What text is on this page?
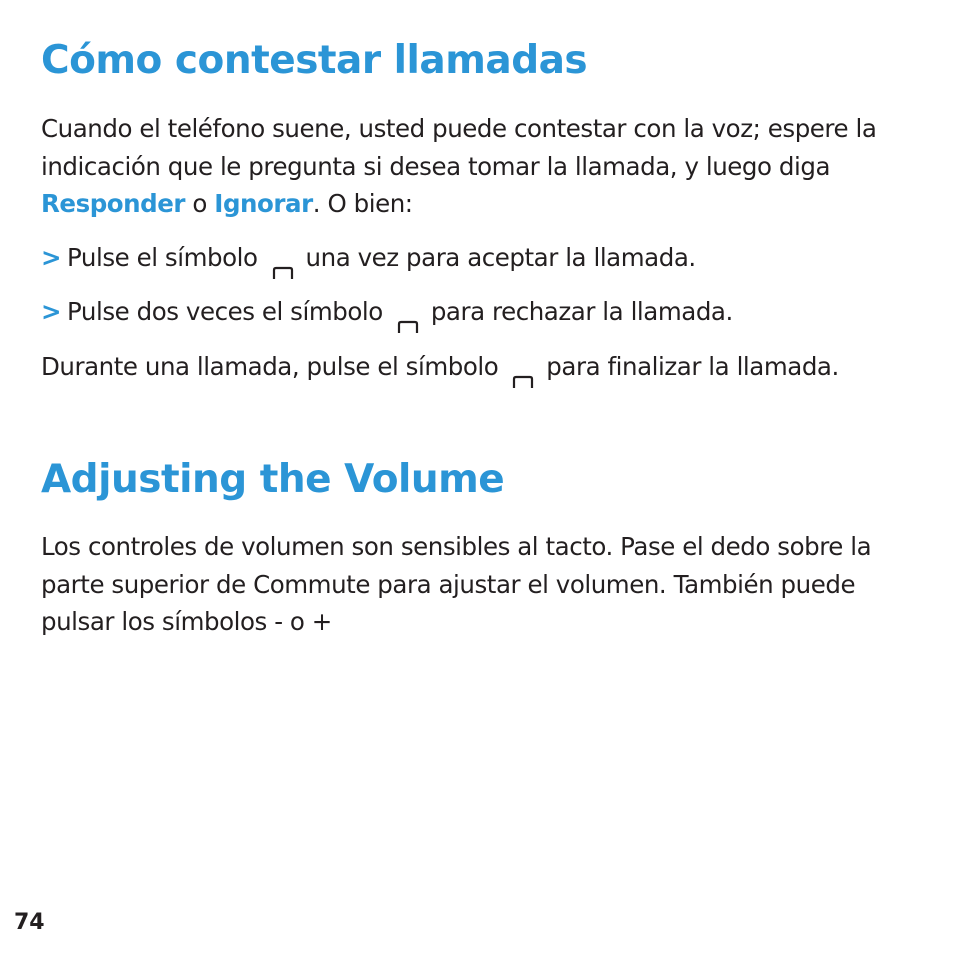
Cómo contestar llamadas

Cuando el teléfono suene, usted puede contestar con la voz; espere la indicación que le pregunta si desea tomar la llamada, y luego diga Responder o Ignorar. O bien:

> Pulse el símbolo una vez para aceptar la llamada.

> Pulse dos veces el símbolo para rechazar la llamada.

Durante una llamada, pulse el símbolo para finalizar la llamada.

Adjusting the Volume

Los controles de volumen son sensibles al tacto. Pase el dedo sobre la parte superior de Commute para ajustar el volumen. También puede pulsar los símbolos - o +

74
